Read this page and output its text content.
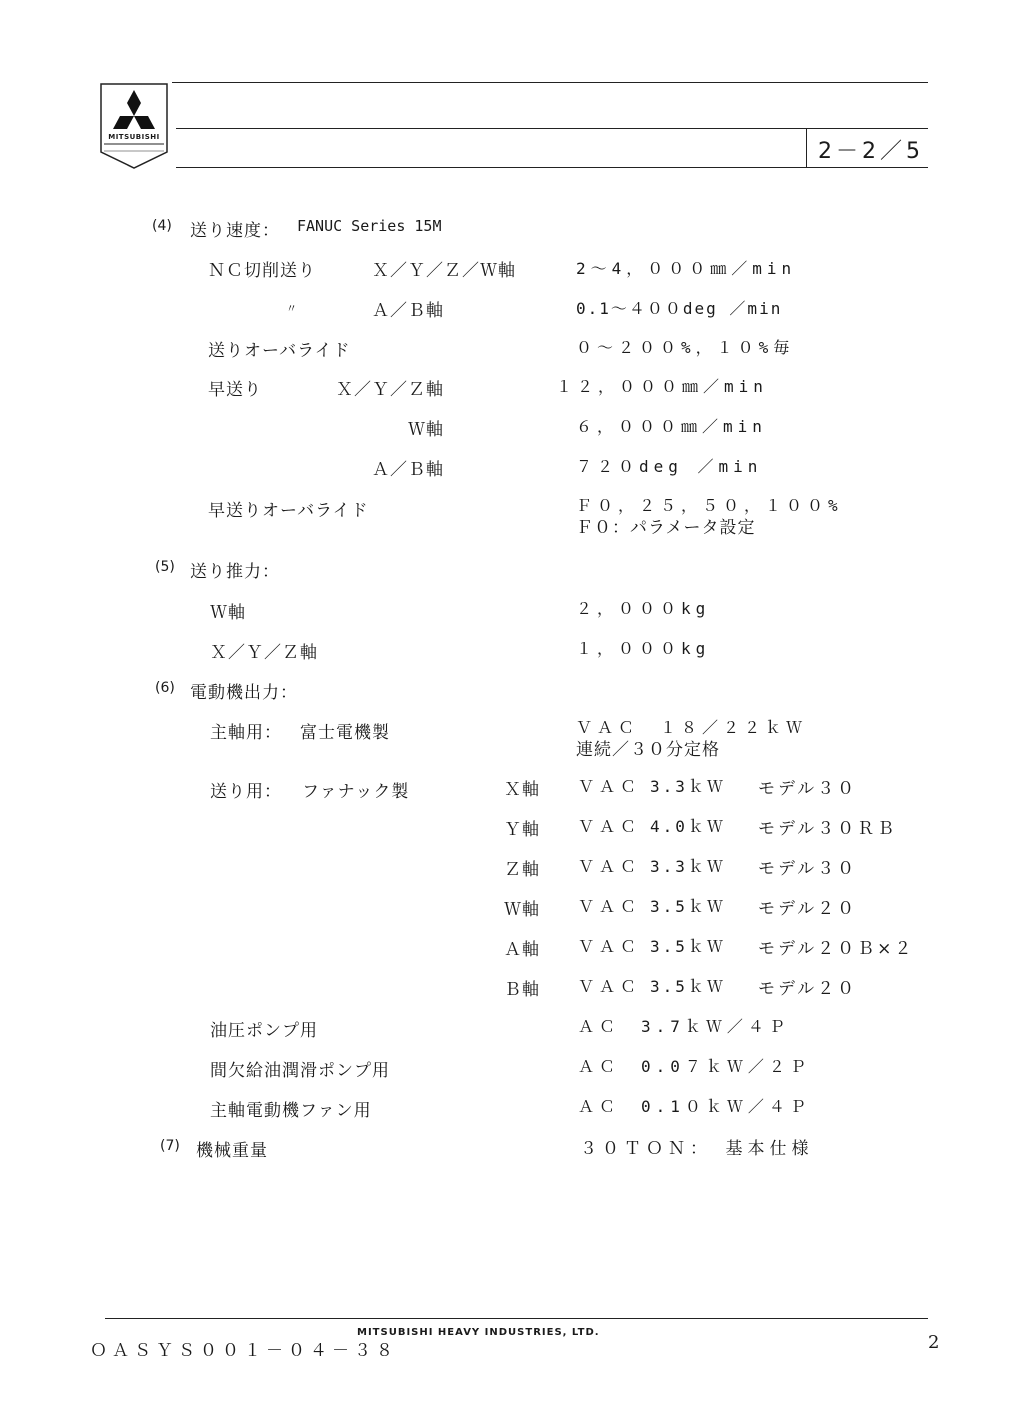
MITSUBISHI
2－2／5
(4) 送り速度： FANUC Series 15M
ＮＣ切削送り	Ｘ／Ｙ／Ｚ／Ｗ軸	2～4，０００㎜／min
〃	Ａ／Ｂ軸	0.1～４００deg ／min
送りオーバライド	０～２００%，１０%毎
早送り	Ｘ／Ｙ／Ｚ軸	１２，０００㎜／min
Ｗ軸	６，０００㎜／min
Ａ／Ｂ軸	７２０deg ／min
早送りオーバライド	Ｆ０，２５，５０，１００%
Ｆ０：パラメータ設定
(5) 送り推力：
Ｗ軸	２，０００kg
Ｘ／Ｙ／Ｚ軸	１，０００kg
(6) 電動機出力：
主軸用： 富士電機製	ＶＡＣ　１８／２２ｋＷ
連続／３０分定格
送り用： ファナック製	Ｘ軸 ＶＡＣ 3.3ｋＷ モデル３０
Ｙ軸 ＶＡＣ 4.0ｋＷ モデル３０ＲＢ
Ｚ軸 ＶＡＣ 3.3ｋＷ モデル３０
Ｗ軸 ＶＡＣ 3.5ｋＷ モデル２０
Ａ軸 ＶＡＣ 3.5ｋＷ モデル２０Ｂ×２
Ｂ軸 ＶＡＣ 3.5ｋＷ モデル２０
油圧ポンプ用	ＡＣ　3.7ｋＷ／４Ｐ
間欠給油潤滑ポンプ用	ＡＣ　0.0７ｋＷ／２Ｐ
主軸電動機ファン用	ＡＣ　0.1０ｋＷ／４Ｐ
(7) 機械重量	３０ＴＯＮ：　基本仕様
ＯＡＳＹＳ００１－０４－３８
MITSUBISHI HEAVY INDUSTRIES, LTD.	2
